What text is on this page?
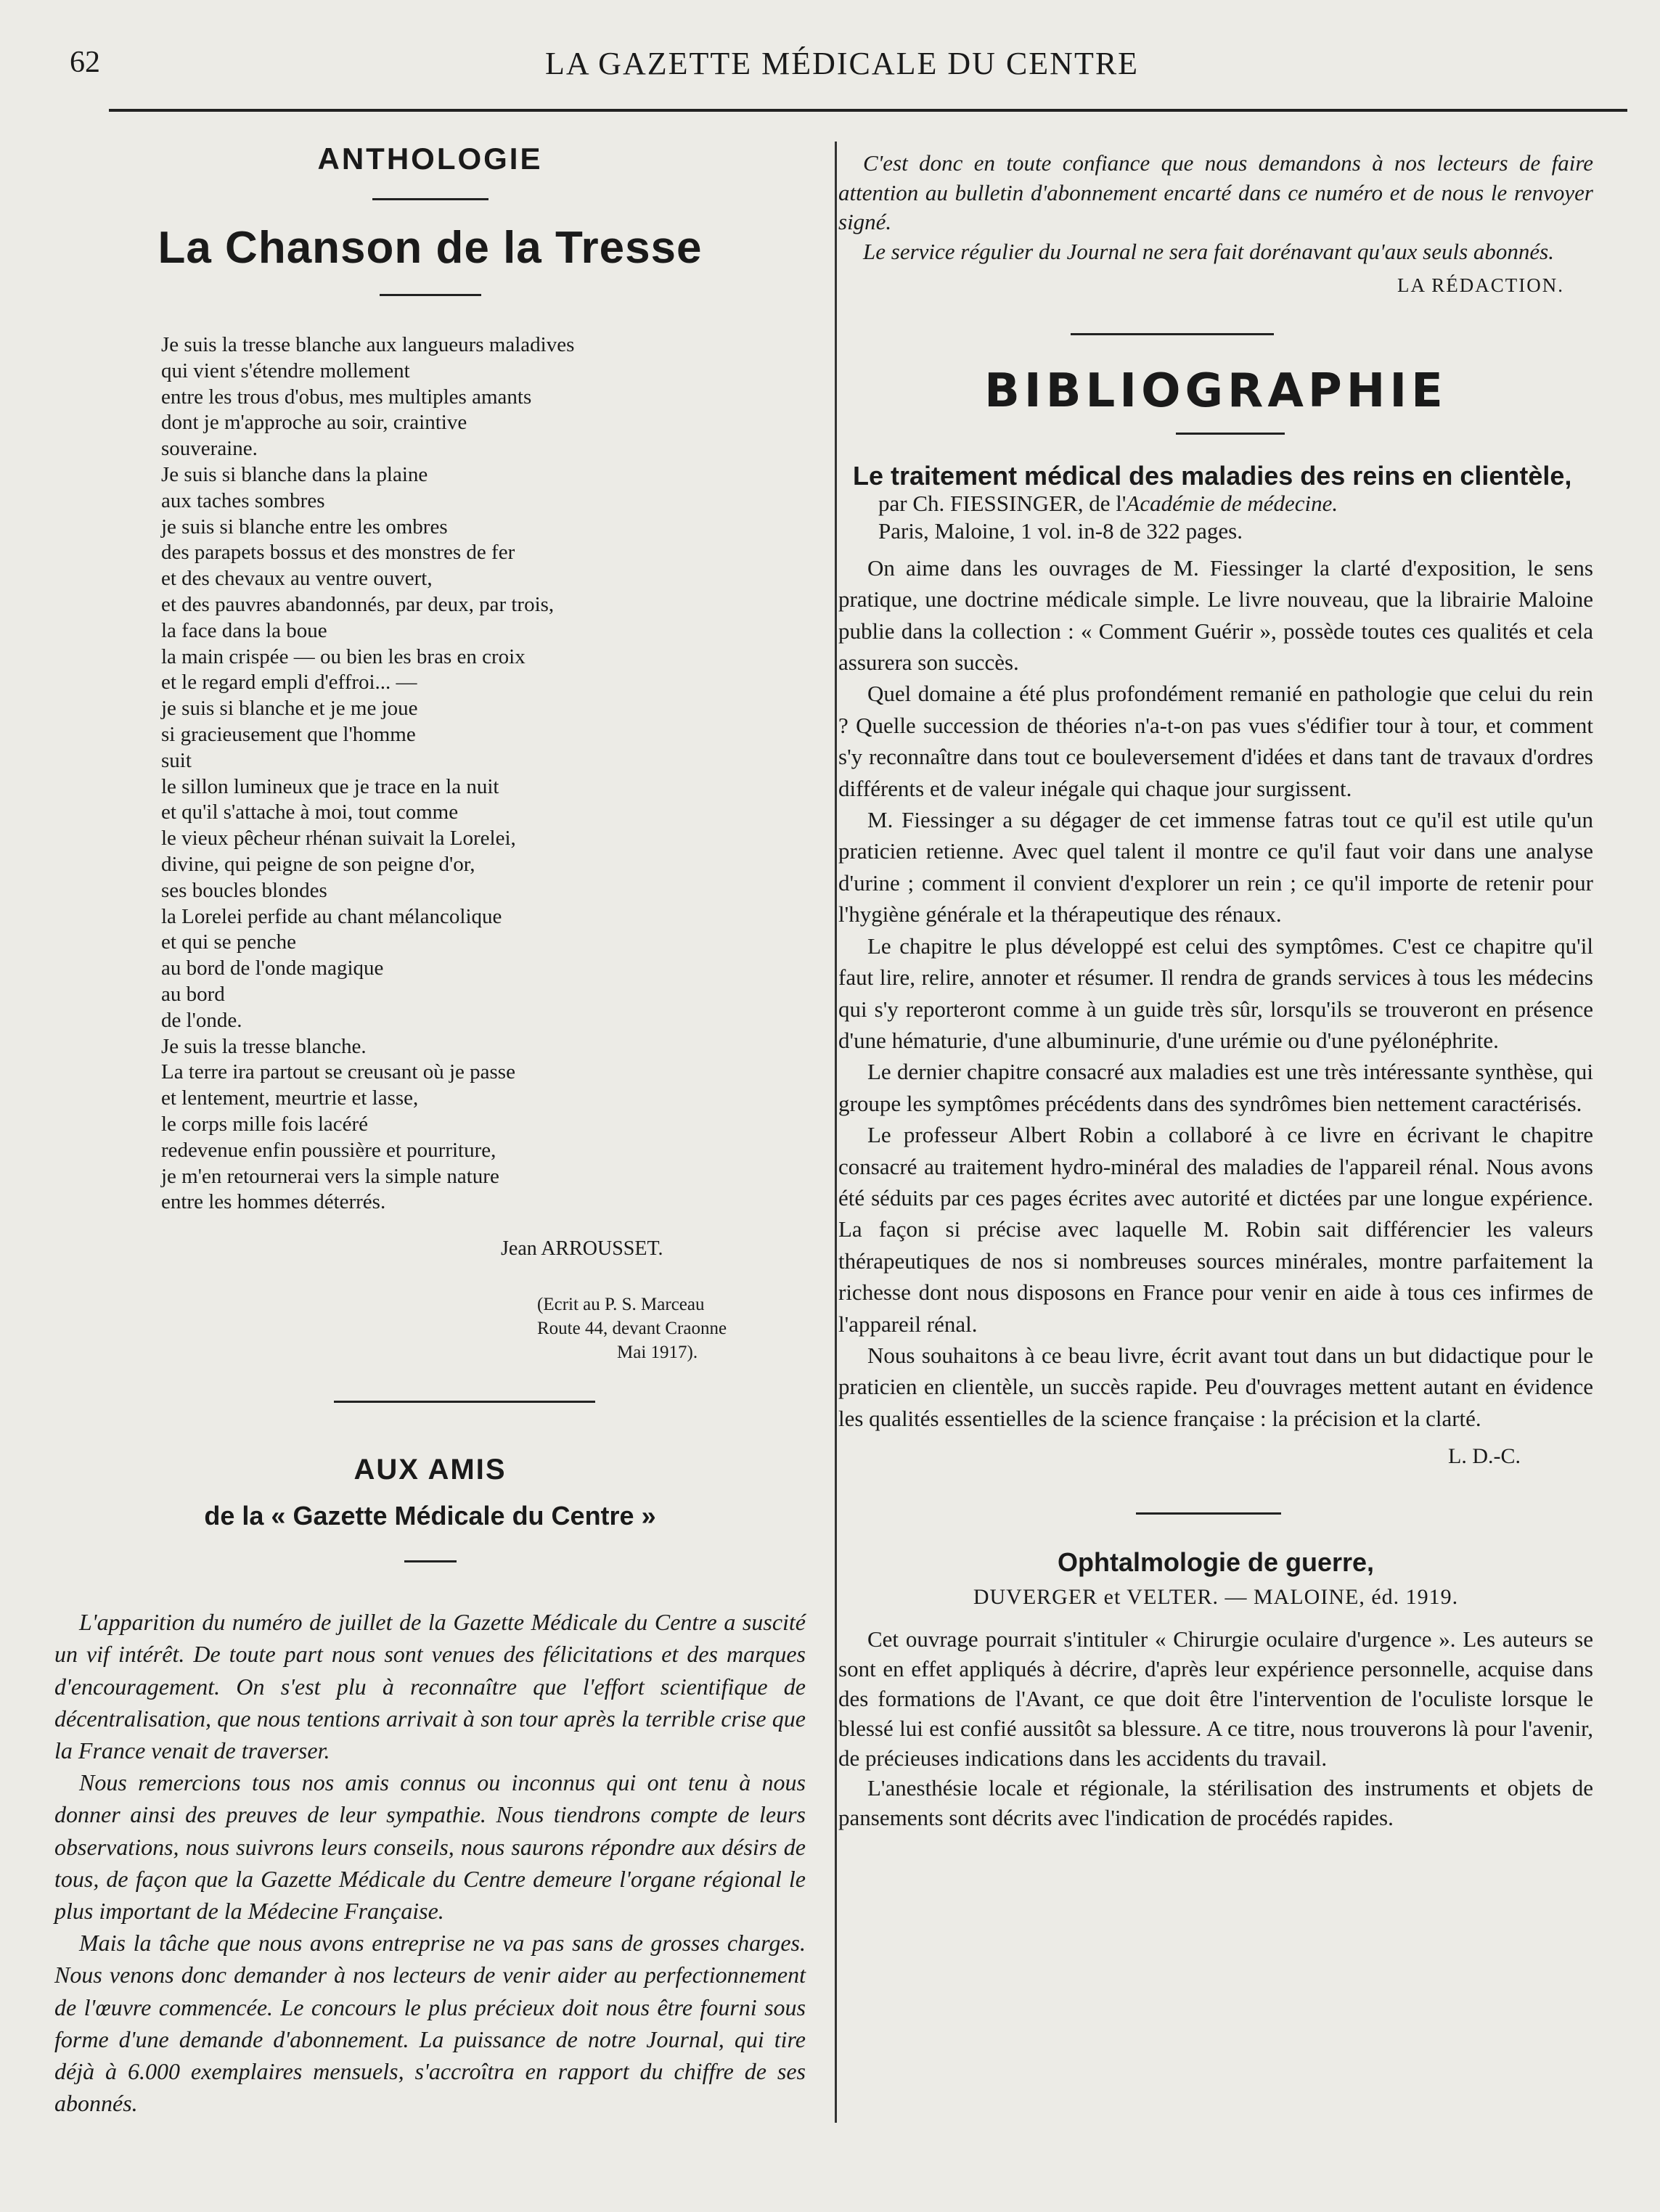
62	LA GAZETTE MÉDICALE DU CENTRE
ANTHOLOGIE
La Chanson de la Tresse
Je suis la tresse blanche aux langueurs maladives
qui vient s'étendre mollement
entre les trous d'obus, mes multiples amants
dont je m'approche au soir, craintive
souveraine.
Je suis si blanche dans la plaine
aux taches sombres
je suis si blanche entre les ombres
des parapets bossus et des monstres de fer
et des chevaux au ventre ouvert,
et des pauvres abandonnés, par deux, par trois,
la face dans la boue
la main crispée — ou bien les bras en croix
et le regard empli d'effroi... —
je suis si blanche et je me joue
si gracieusement que l'homme
suit
le sillon lumineux que je trace en la nuit
et qu'il s'attache à moi, tout comme
le vieux pêcheur rhénan suivait la Lorelei,
divine, qui peigne de son peigne d'or,
ses boucles blondes
la Lorelei perfide au chant mélancolique
et qui se penche
au bord de l'onde magique
au bord
de l'onde.
Je suis la tresse blanche.
La terre ira partout se creusant où je passe
et lentement, meurtrie et lasse,
le corps mille fois lacéré
redevenue enfin poussière et pourriture,
je m'en retournerai vers la simple nature
entre les hommes déterrés.
Jean ARROUSSET.
(Ecrit au P. S. Marceau
Route 44, devant Craonne
Mai 1917).
AUX AMIS
de la « Gazette Médicale du Centre »

L'apparition du numéro de juillet de la Gazette Médicale du Centre a suscité un vif intérêt. De toute part nous sont venues des félicitations et des marques d'encouragement. On s'est plu à reconnaître que l'effort scientifique de décentralisation, que nous tentions arrivait à son tour après la terrible crise que la France venait de traverser.

Nous remercions tous nos amis connus ou inconnus qui ont tenu à nous donner ainsi des preuves de leur sympathie. Nous tiendrons compte de leurs observations, nous suivrons leurs conseils, nous saurons répondre aux désirs de tous, de façon que la Gazette Médicale du Centre demeure l'organe régional le plus important de la Médecine Française.

Mais la tâche que nous avons entreprise ne va pas sans de grosses charges. Nous venons donc demander à nos lecteurs de venir aider au perfectionnement de l'œuvre commencée. Le concours le plus précieux doit nous être fourni sous forme d'une demande d'abonnement. La puissance de notre Journal, qui tire déjà à 6.000 exemplaires mensuels, s'accroîtra en rapport du chiffre de ses abonnés.

C'est donc en toute confiance que nous demandons à nos lecteurs de faire attention au bulletin d'abonnement encarté dans ce numéro et de nous le renvoyer signé.

Le service régulier du Journal ne sera fait dorénavant qu'aux seuls abonnés.

LA RÉDACTION.
BIBLIOGRAPHIE
Le traitement médical des maladies des reins en clientèle,
par Ch. FIESSINGER, de l'Académie de médecine.
Paris, Maloine, 1 vol. in-8 de 322 pages.

On aime dans les ouvrages de M. Fiessinger la clarté d'exposition, le sens pratique, une doctrine médicale simple. Le livre nouveau, que la librairie Maloine publie dans la collection : « Comment Guérir », possède toutes ces qualités et cela assurera son succès.

Quel domaine a été plus profondément remanié en pathologie que celui du rein ? Quelle succession de théories n'a-t-on pas vues s'édifier tour à tour, et comment s'y reconnaître dans tout ce bouleversement d'idées et dans tant de travaux d'ordres différents et de valeur inégale qui chaque jour surgissent.

M. Fiessinger a su dégager de cet immense fatras tout ce qu'il est utile qu'un praticien retienne. Avec quel talent il montre ce qu'il faut voir dans une analyse d'urine ; comment il convient d'explorer un rein ; ce qu'il importe de retenir pour l'hygiène générale et la thérapeutique des rénaux.

Le chapitre le plus développé est celui des symptômes. C'est ce chapitre qu'il faut lire, relire, annoter et résumer. Il rendra de grands services à tous les médecins qui s'y reporteront comme à un guide très sûr, lorsqu'ils se trouveront en présence d'une hématurie, d'une albuminurie, d'une urémie ou d'une pyélonéphrite.

Le dernier chapitre consacré aux maladies est une très intéressante synthèse, qui groupe les symptômes précédents dans des syndrômes bien nettement caractérisés.

Le professeur Albert Robin a collaboré à ce livre en écrivant le chapitre consacré au traitement hydro-minéral des maladies de l'appareil rénal. Nous avons été séduits par ces pages écrites avec autorité et dictées par une longue expérience. La façon si précise avec laquelle M. Robin sait différencier les valeurs thérapeutiques de nos si nombreuses sources minérales, montre parfaitement la richesse dont nous disposons en France pour venir en aide à tous ces infirmes de l'appareil rénal.

Nous souhaitons à ce beau livre, écrit avant tout dans un but didactique pour le praticien en clientèle, un succès rapide. Peu d'ouvrages mettent autant en évidence les qualités essentielles de la science française : la précision et la clarté.

L. D.-C.
Ophtalmologie de guerre,
DUVERGER et VELTER. — MALOINE, éd. 1919.

Cet ouvrage pourrait s'intituler « Chirurgie oculaire d'urgence ». Les auteurs se sont en effet appliqués à décrire, d'après leur expérience personnelle, acquise dans des formations de l'Avant, ce que doit être l'intervention de l'oculiste lorsque le blessé lui est confié aussitôt sa blessure. A ce titre, nous trouverons là pour l'avenir, de précieuses indications dans les accidents du travail.

L'anesthésie locale et régionale, la stérilisation des instruments et objets de pansements sont décrits avec l'indication de procédés rapides.
